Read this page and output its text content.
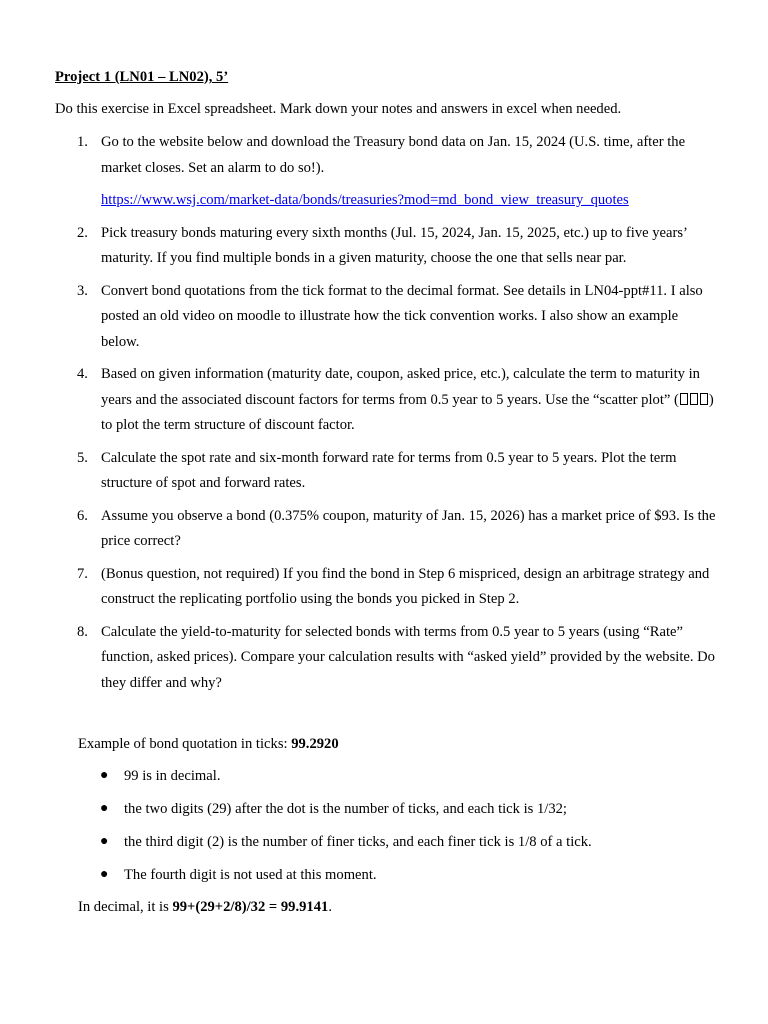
Project 1 (LN01 – LN02), 5’
Do this exercise in Excel spreadsheet. Mark down your notes and answers in excel when needed.
1. Go to the website below and download the Treasury bond data on Jan. 15, 2024 (U.S. time, after the market closes. Set an alarm to do so!).
https://www.wsj.com/market-data/bonds/treasuries?mod=md_bond_view_treasury_quotes
2. Pick treasury bonds maturing every sixth months (Jul. 15, 2024, Jan. 15, 2025, etc.) up to five years’ maturity. If you find multiple bonds in a given maturity, choose the one that sells near par.
3. Convert bond quotations from the tick format to the decimal format. See details in LN04-ppt#11. I also posted an old video on moodle to illustrate how the tick convention works. I also show an example below.
4. Based on given information (maturity date, coupon, asked price, etc.), calculate the term to maturity in years and the associated discount factors for terms from 0.5 year to 5 years. Use the “scatter plot” ( ) to plot the term structure of discount factor.
5. Calculate the spot rate and six-month forward rate for terms from 0.5 year to 5 years. Plot the term structure of spot and forward rates.
6. Assume you observe a bond (0.375% coupon, maturity of Jan. 15, 2026) has a market price of $93. Is the price correct?
7. (Bonus question, not required) If you find the bond in Step 6 mispriced, design an arbitrage strategy and construct the replicating portfolio using the bonds you picked in Step 2.
8. Calculate the yield-to-maturity for selected bonds with terms from 0.5 year to 5 years (using “Rate” function, asked prices). Compare your calculation results with “asked yield” provided by the website. Do they differ and why?
Example of bond quotation in ticks: 99.2920
● 99 is in decimal.
● the two digits (29) after the dot is the number of ticks, and each tick is 1/32;
● the third digit (2) is the number of finer ticks, and each finer tick is 1/8 of a tick.
● The fourth digit is not used at this moment.
In decimal, it is 99+(29+2/8)/32 = 99.9141.
